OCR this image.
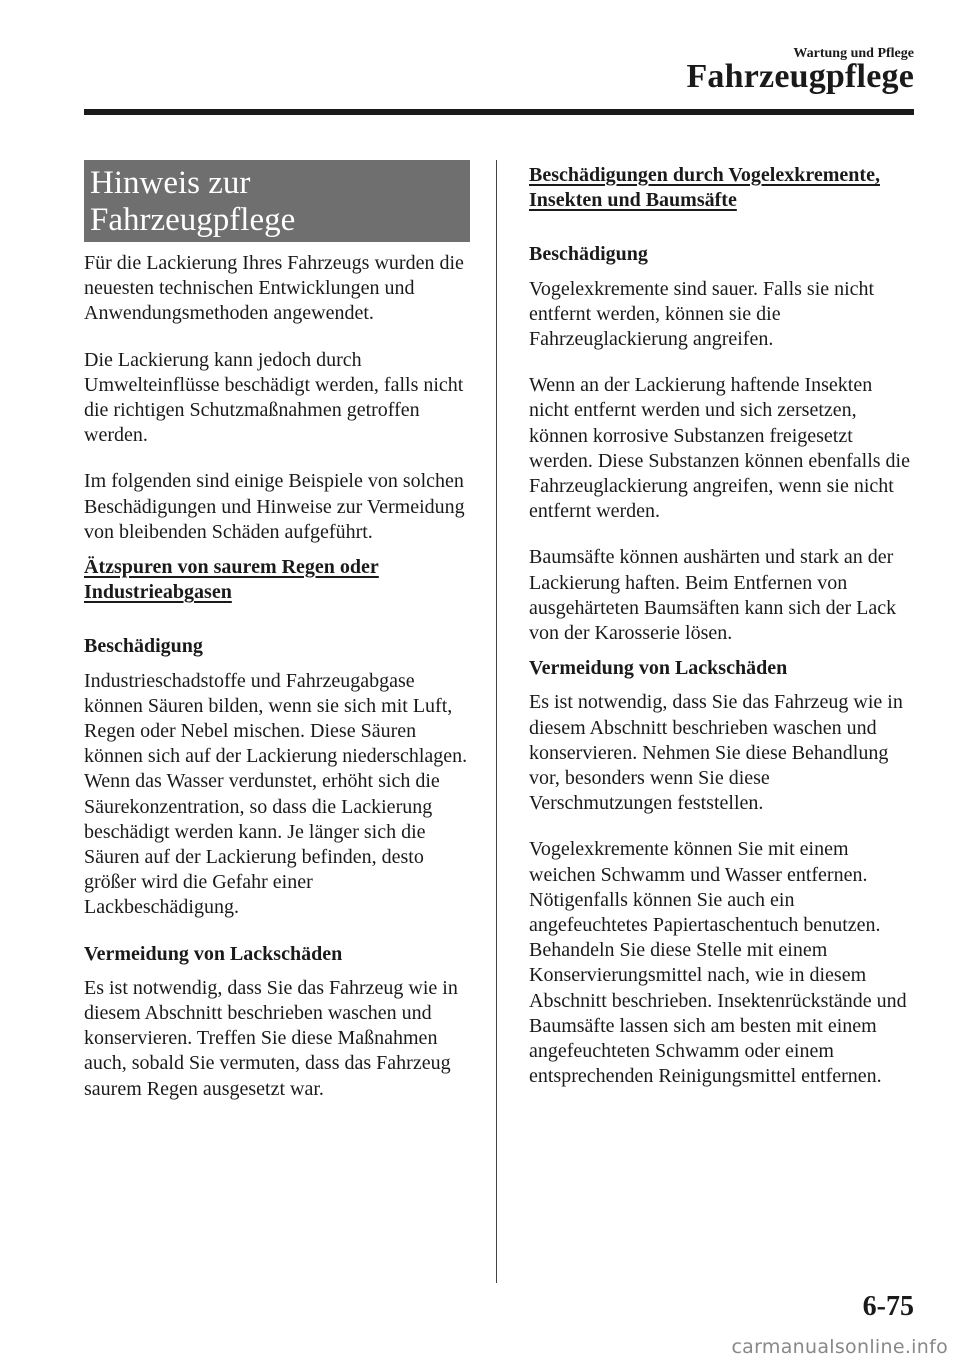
Wartung und Pflege
Fahrzeugpflege
Hinweis zur
Fahrzeugpflege

Für die Lackierung Ihres Fahrzeugs wurden die neuesten technischen Entwicklungen und Anwendungsmethoden angewendet.

Die Lackierung kann jedoch durch Umwelteinflüsse beschädigt werden, falls nicht die richtigen Schutzmaßnahmen getroffen werden.

Im folgenden sind einige Beispiele von solchen Beschädigungen und Hinweise zur Vermeidung von bleibenden Schäden aufgeführt.

Ätzspuren von saurem Regen oder Industrieabgasen
Beschädigung

Industrieschadstoffe und Fahrzeugabgase können Säuren bilden, wenn sie sich mit Luft, Regen oder Nebel mischen. Diese Säuren können sich auf der Lackierung niederschlagen. Wenn das Wasser verdunstet, erhöht sich die Säurekonzentration, so dass die Lackierung beschädigt werden kann. Je länger sich die Säuren auf der Lackierung befinden, desto größer wird die Gefahr einer Lackbeschädigung.

Vermeidung von Lackschäden

Es ist notwendig, dass Sie das Fahrzeug wie in diesem Abschnitt beschrieben waschen und konservieren. Treffen Sie diese Maßnahmen auch, sobald Sie vermuten, dass das Fahrzeug saurem Regen ausgesetzt war.

Beschädigungen durch Vogelexkremente, Insekten und Baumsäfte
Beschädigung

Vogelexkremente sind sauer. Falls sie nicht entfernt werden, können sie die Fahrzeuglackierung angreifen.

Wenn an der Lackierung haftende Insekten nicht entfernt werden und sich zersetzen, können korrosive Substanzen freigesetzt werden. Diese Substanzen können ebenfalls die Fahrzeuglackierung angreifen, wenn sie nicht entfernt werden.

Baumsäfte können aushärten und stark an der Lackierung haften. Beim Entfernen von ausgehärteten Baumsäften kann sich der Lack von der Karosserie lösen.

Vermeidung von Lackschäden

Es ist notwendig, dass Sie das Fahrzeug wie in diesem Abschnitt beschrieben waschen und konservieren. Nehmen Sie diese Behandlung vor, besonders wenn Sie diese Verschmutzungen feststellen.

Vogelexkremente können Sie mit einem weichen Schwamm und Wasser entfernen. Nötigenfalls können Sie auch ein angefeuchtetes Papiertaschentuch benutzen. Behandeln Sie diese Stelle mit einem Konservierungsmittel nach, wie in diesem Abschnitt beschrieben. Insektenrückstände und Baumsäfte lassen sich am besten mit einem angefeuchteten Schwamm oder einem entsprechenden Reinigungsmittel entfernen.

6-75
carmanualsonline.info
